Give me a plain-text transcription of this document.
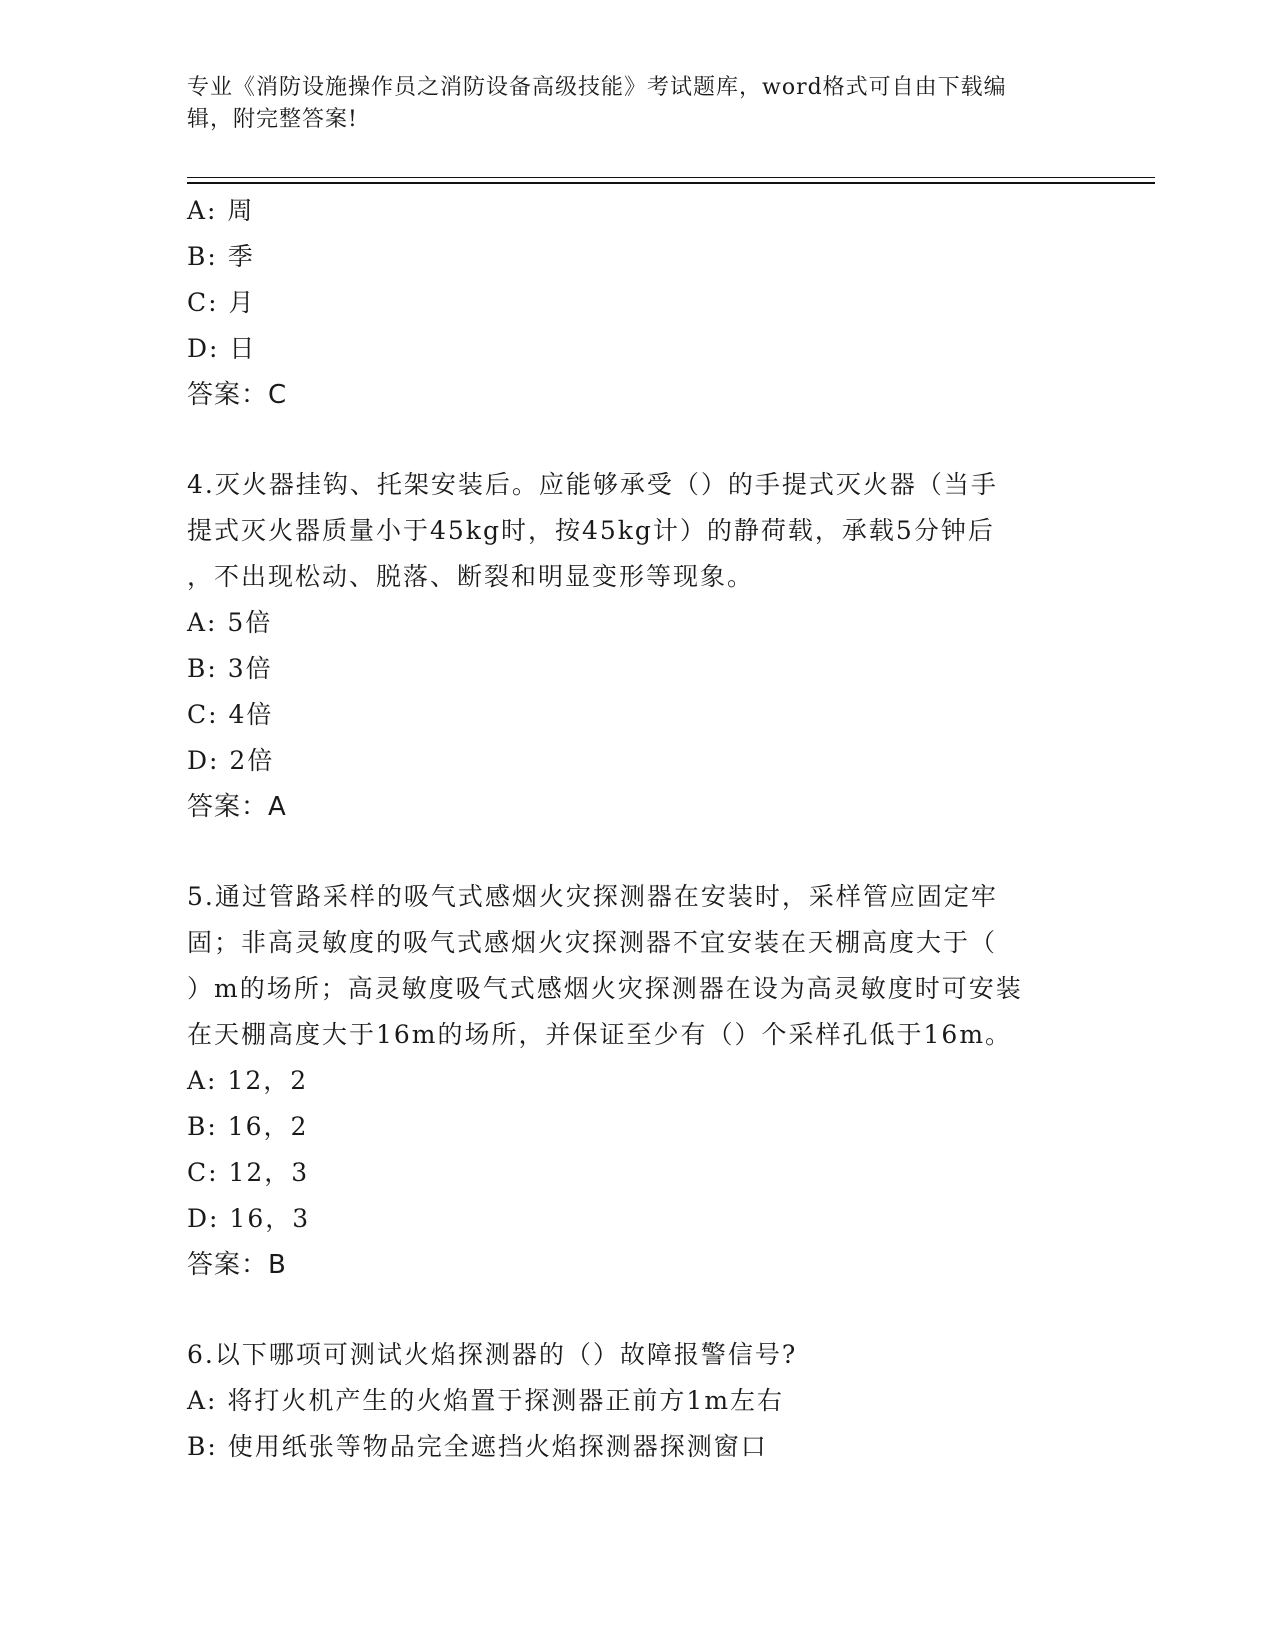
专业《消防设施操作员之消防设备高级技能》考试题库，word格式可自由下载编
辑，附完整答案!
A: 周
B: 季
C: 月
D: 日
答案：C
4.灭火器挂钩、托架安装后。应能够承受（）的手提式灭火器（当手
提式灭火器质量小于45kg时，按45kg计）的静荷载，承载5分钟后
，不出现松动、脱落、断裂和明显变形等现象。
A: 5倍
B: 3倍
C: 4倍
D: 2倍
答案：A
5.通过管路采样的吸气式感烟火灾探测器在安装时，采样管应固定牢
固；非高灵敏度的吸气式感烟火灾探测器不宜安装在天棚高度大于（
）m的场所；高灵敏度吸气式感烟火灾探测器在设为高灵敏度时可安装
在天棚高度大于16m的场所，并保证至少有（）个采样孔低于16m。
A: 12，2
B: 16，2
C: 12，3
D: 16，3
答案：B
6.以下哪项可测试火焰探测器的（）故障报警信号?
A: 将打火机产生的火焰置于探测器正前方1m左右
B: 使用纸张等物品完全遮挡火焰探测器探测窗口
